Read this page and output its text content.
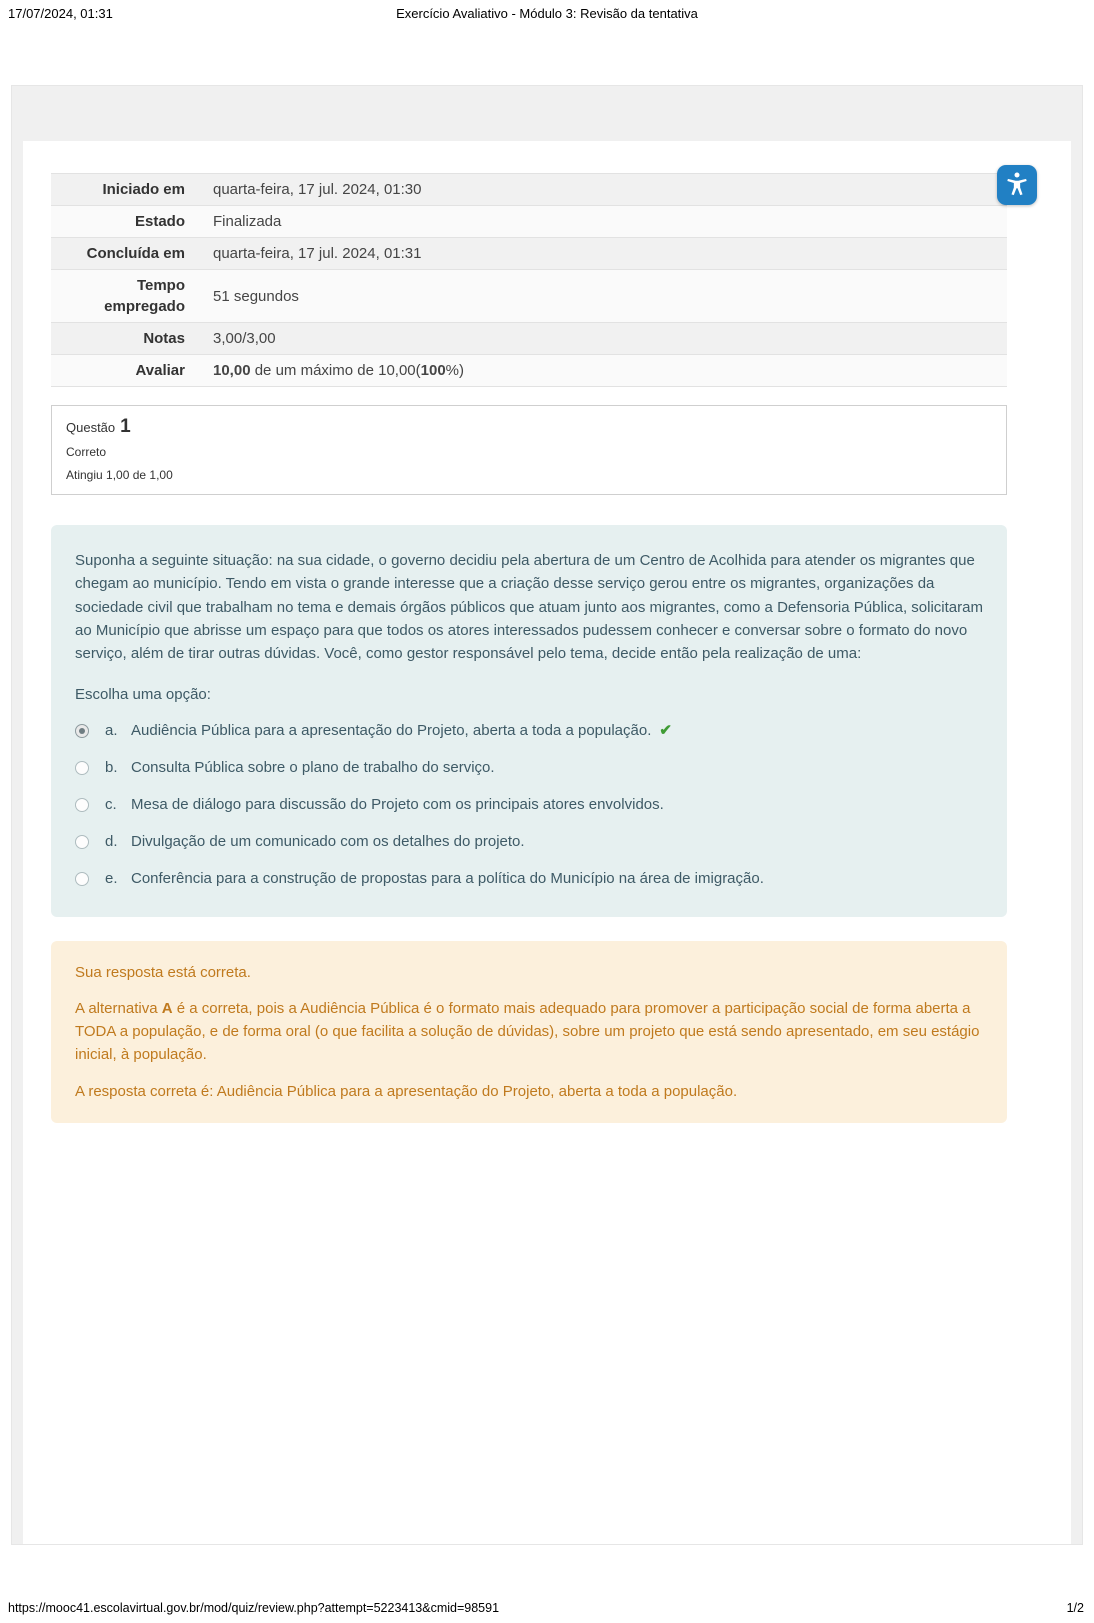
17/07/2024, 01:31	Exercício Avaliativo - Módulo 3: Revisão da tentativa
Iniciado em	quarta-feira, 17 jul. 2024, 01:30
Estado	Finalizada
Concluída em	quarta-feira, 17 jul. 2024, 01:31
Tempo empregado	51 segundos
Notas	3,00/3,00
Avaliar	10,00 de um máximo de 10,00(100%)
Questão 1
Correto
Atingiu 1,00 de 1,00
Suponha a seguinte situação: na sua cidade, o governo decidiu pela abertura de um Centro de Acolhida para atender os migrantes que chegam ao município. Tendo em vista o grande interesse que a criação desse serviço gerou entre os migrantes, organizações da sociedade civil que trabalham no tema e demais órgãos públicos que atuam junto aos migrantes, como a Defensoria Pública, solicitaram ao Município que abrisse um espaço para que todos os atores interessados pudessem conhecer e conversar sobre o formato do novo serviço, além de tirar outras dúvidas. Você, como gestor responsável pelo tema, decide então pela realização de uma:
Escolha uma opção:
a. Audiência Pública para a apresentação do Projeto, aberta a toda a população. ✔
b. Consulta Pública sobre o plano de trabalho do serviço.
c. Mesa de diálogo para discussão do Projeto com os principais atores envolvidos.
d. Divulgação de um comunicado com os detalhes do projeto.
e. Conferência para a construção de propostas para a política do Município na área de imigração.

Sua resposta está correta.

A alternativa A é a correta, pois a Audiência Pública é o formato mais adequado para promover a participação social de forma aberta a TODA a população, e de forma oral (o que facilita a solução de dúvidas), sobre um projeto que está sendo apresentado, em seu estágio inicial, à população.

A resposta correta é: Audiência Pública para a apresentação do Projeto, aberta a toda a população.

https://mooc41.escolavirtual.gov.br/mod/quiz/review.php?attempt=5223413&cmid=98591	1/2
